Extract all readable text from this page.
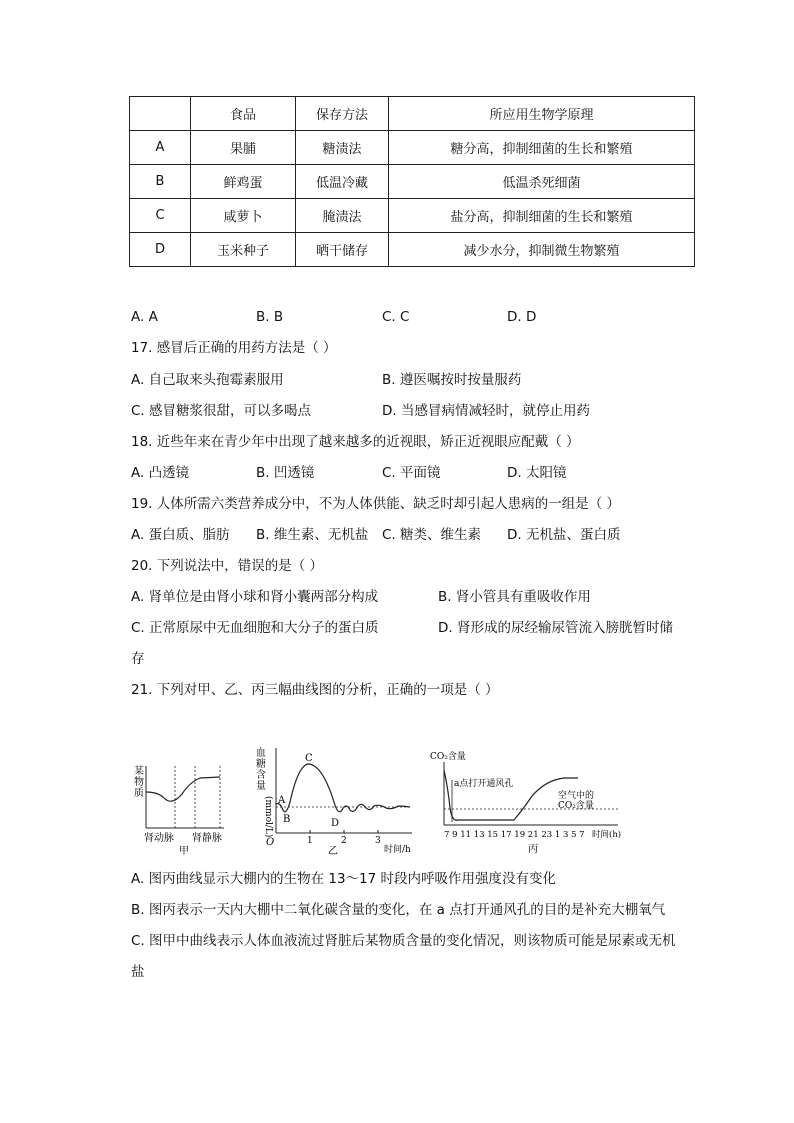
	食品	保存方法	所应用生物学原理
A	果脯	糖渍法	糖分高，抑制细菌的生长和繁殖
B	鲜鸡蛋	低温冷藏	低温杀死细菌
C	咸萝卜	腌渍法	盐分高，抑制细菌的生长和繁殖
D	玉米种子	晒干储存	减少水分，抑制微生物繁殖
A. A	B. B	C. C	D. D
17. 感冒后正确的用药方法是（ ）
A. 自己取来头孢霉素服用	B. 遵医嘱按时按量服药
C. 感冒糖浆很甜，可以多喝点	D. 当感冒病情减轻时，就停止用药
18. 近些年来在青少年中出现了越来越多的近视眼，矫正近视眼应配戴（ ）
A. 凸透镜	B. 凹透镜	C. 平面镜	D. 太阳镜
19. 人体所需六类营养成分中，不为人体供能、缺乏时却引起人患病的一组是（ ）
A. 蛋白质、脂肪 B. 维生素、无机盐 C. 糖类、维生素 D. 无机盐、蛋白质
20. 下列说法中，错误的是（ ）
A. 肾单位是由肾小球和肾小囊两部分构成	B. 肾小管具有重吸收作用
C. 正常原尿中无血细胞和大分子的蛋白质	D. 肾形成的尿经输尿管流入膀胱暂时储
存
21. 下列对甲、乙、丙三幅曲线图的分析，正确的一项是（ ）
某
物
质
肾动脉 肾静脉
甲
血
糖
含
量
(mmol/L) A
B
C
D
O	1	2	3
时间/h
乙
CO₂含量
a点打开通风孔
空气中的
CO₂含量
7 9 11 13 15 17 19 21 23 1 3 5 7 时间(h)
丙
A. 图丙曲线显示大棚内的生物在 13～17 时段内呼吸作用强度没有变化
B. 图丙表示一天内大棚中二氧化碳含量的变化，在 a 点打开通风孔的目的是补充大棚氧气
C. 图甲中曲线表示人体血液流过肾脏后某物质含量的变化情况，则该物质可能是尿素或无机
盐
